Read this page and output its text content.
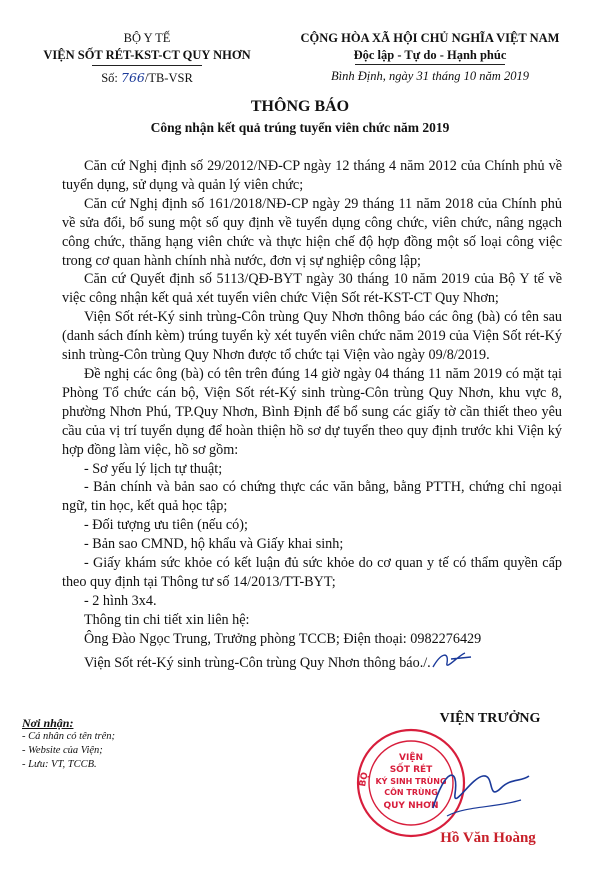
BỘ Y TẾ
VIỆN SỐT RÉT-KST-CT QUY NHƠN
Số: 766/TB-VSR
CỘNG HÒA XÃ HỘI CHỦ NGHĨA VIỆT NAM
Độc lập - Tự do - Hạnh phúc
Bình Định, ngày 31 tháng 10 năm 2019
THÔNG BÁO
Công nhận kết quả trúng tuyển viên chức năm 2019

Căn cứ Nghị định số 29/2012/NĐ-CP ngày 12 tháng 4 năm 2012 của Chính phủ về tuyển dụng, sử dụng và quản lý viên chức;

Căn cứ Nghị định số 161/2018/NĐ-CP ngày 29 tháng 11 năm 2018 của Chính phủ về sửa đổi, bổ sung một số quy định về tuyển dụng công chức, viên chức, nâng ngạch công chức, thăng hạng viên chức và thực hiện chế độ hợp đồng một số loại công việc trong cơ quan hành chính nhà nước, đơn vị sự nghiệp công lập;

Căn cứ Quyết định số 5113/QĐ-BYT ngày 30 tháng 10 năm 2019 của Bộ Y tế về việc công nhận kết quả xét tuyển viên chức Viện Sốt rét-KST-CT Quy Nhơn;

Viện Sốt rét-Ký sinh trùng-Côn trùng Quy Nhơn thông báo các ông (bà) có tên sau (danh sách đính kèm) trúng tuyển kỳ xét tuyển viên chức năm 2019 của Viện Sốt rét-Ký sinh trùng-Côn trùng Quy Nhơn được tổ chức tại Viện vào ngày 09/8/2019.

Đề nghị các ông (bà) có tên trên đúng 14 giờ ngày 04 tháng 11 năm 2019 có mặt tại Phòng Tổ chức cán bộ, Viện Sốt rét-Ký sinh trùng-Côn trùng Quy Nhơn, khu vực 8, phường Nhơn Phú, TP.Quy Nhơn, Bình Định để bổ sung các giấy tờ cần thiết theo yêu cầu của vị trí tuyển dụng để hoàn thiện hồ sơ dự tuyển theo quy định trước khi Viện ký hợp đồng làm việc, hồ sơ gồm:

- Sơ yếu lý lịch tự thuật;

- Bản chính và bản sao có chứng thực các văn bằng, bằng PTTH, chứng chỉ ngoại ngữ, tin học, kết quả học tập;

- Đối tượng ưu tiên (nếu có);

- Bản sao CMND, hộ khẩu và Giấy khai sinh;

- Giấy khám sức khỏe có kết luận đủ sức khỏe do cơ quan y tế có thẩm quyền cấp theo quy định tại Thông tư số 14/2013/TT-BYT;

- 2 hình 3x4.

Thông tin chi tiết xin liên hệ:

Ông Đào Ngọc Trung, Trưởng phòng TCCB; Điện thoại: 0982276429

Viện Sốt rét-Ký sinh trùng-Côn trùng Quy Nhơn thông báo./.

Nơi nhận:
- Cá nhân có tên trên;
- Website của Viện;
- Lưu: VT, TCCB.
VIỆN TRƯỞNG
BỘ
VIỆN
SỐT RÉT
KÝ SINH TRÙNG
CÔN TRÙNG
QUY NHƠN
Hồ Văn Hoàng
